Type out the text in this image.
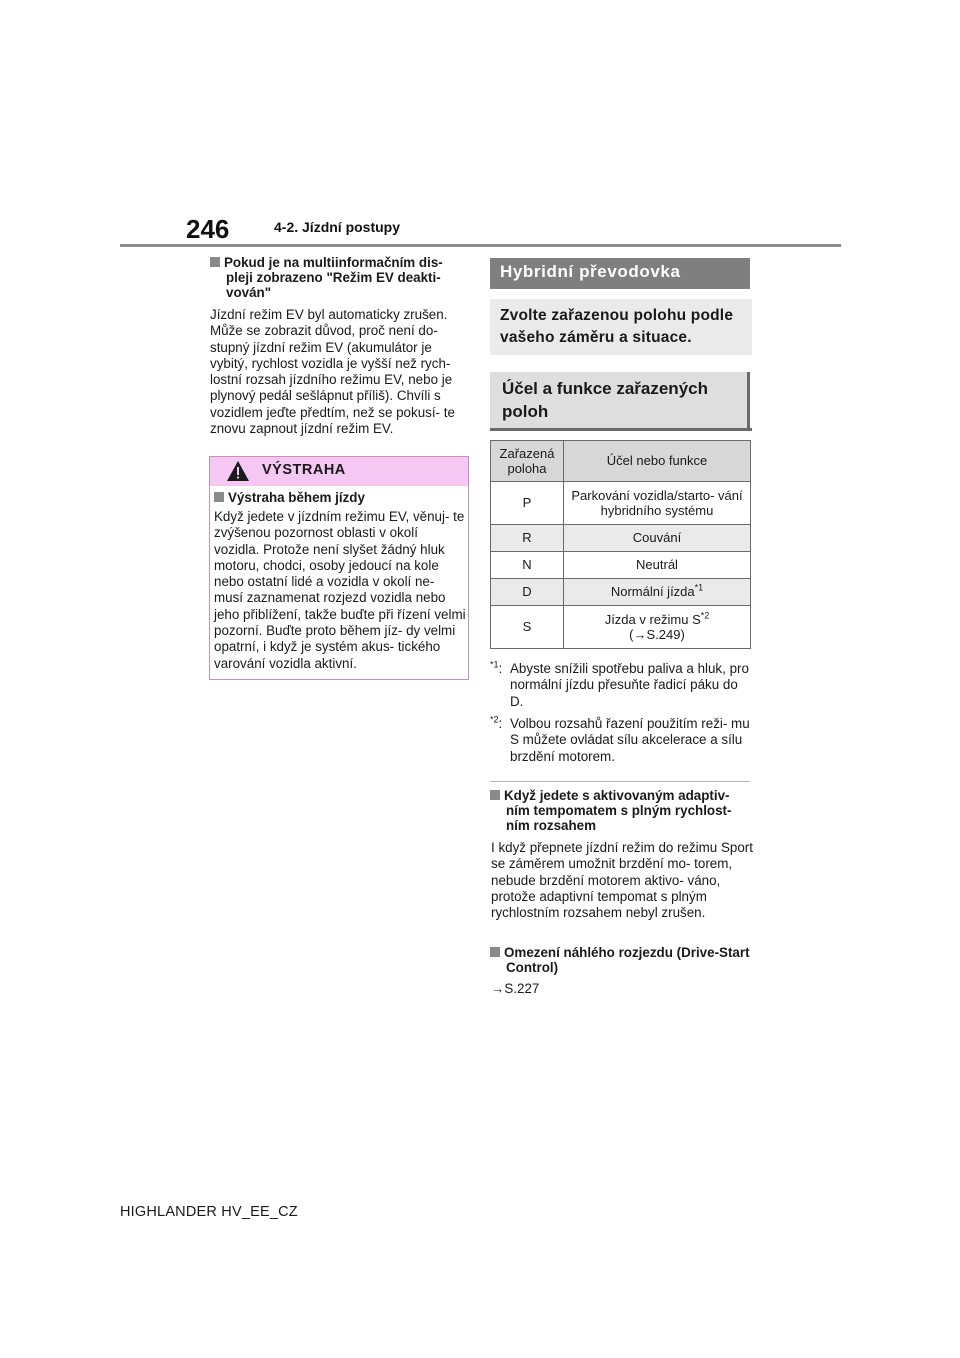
246	4-2. Jízdní postupy
Pokud je na multiinformačním dis- pleji zobrazeno "Režim EV deakti- vován"
Jízdní režim EV byl automaticky zrušen. Může se zobrazit důvod, proč není do- stupný jízdní režim EV (akumulátor je vybitý, rychlost vozidla je vyšší než rych- lostní rozsah jízdního režimu EV, nebo je plynový pedál sešlápnut příliš). Chvíli s vozidlem jeďte předtím, než se pokusí- te znovu zapnout jízdní režim EV.
VÝSTRAHA
Výstraha během jízdy
Když jedete v jízdním režimu EV, věnuj- te zvýšenou pozornost oblasti v okolí vozidla. Protože není slyšet žádný hluk motoru, chodci, osoby jedoucí na kole nebo ostatní lidé a vozidla v okolí ne- musí zaznamenat rozjezd vozidla nebo jeho přiblížení, takže buďte při řízení velmi pozorní. Buďte proto během jíz- dy velmi opatrní, i když je systém akus- tického varování vozidla aktivní.
Hybridní převodovka
Zvolte zařazenou polohu podle vašeho záměru a situace.
Účel a funkce zařazených poloh
Zařazená poloha	Účel nebo funkce
P	Parkování vozidla/starto- vání hybridního systému
R	Couvání
N	Neutrál
D	Normální jízda$^{*1}$
S	Jízda v režimu $S^{*2}$
(→S.249)
$^{*1}$: Abyste snížili spotřebu paliva a hluk, pro normální jízdu přesuňte řadicí páku do D.
$^{*2}$: Volbou rozsahů řazení použitím reži- mu S můžete ovládat sílu akcelerace a sílu brzdění motorem.
Když jedete s aktivovaným adaptiv- ním tempomatem s plným rychlost- ním rozsahem
I když přepnete jízdní režim do režimu Sport se záměrem umožnit brzdění mo- torem, nebude brzdění motorem aktivo- váno, protože adaptivní tempomat s plným rychlostním rozsahem nebyl zrušen.
Omezení náhlého rozjezdu (Drive-Start Control)
→S.227
HIGHLANDER HV_EE_CZ
